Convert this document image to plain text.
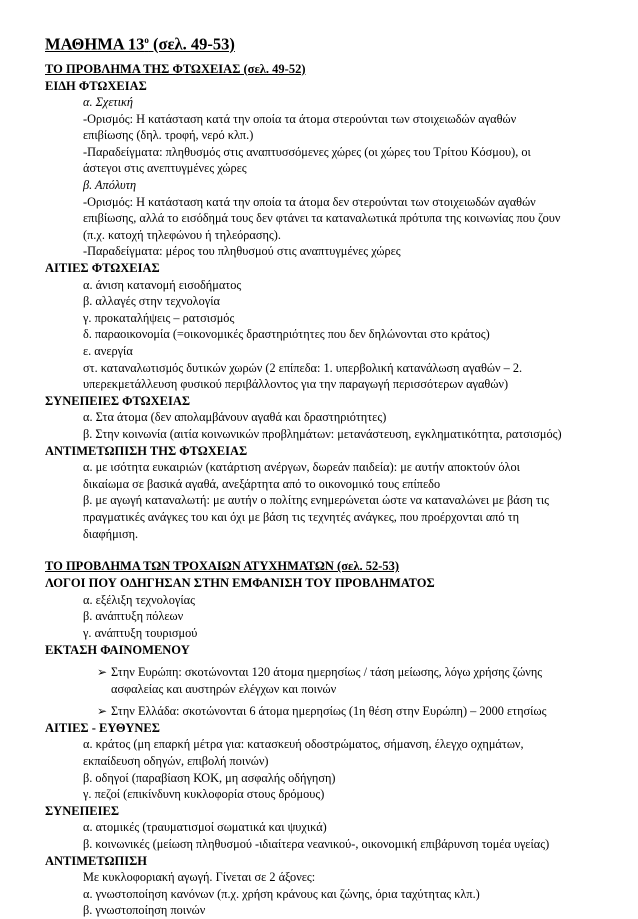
ΜΑΘΗΜΑ $13^o$ (σελ. 49-53)
ΤΟ ΠΡΟΒΛΗΜΑ ΤΗΣ ΦΤΩΧΕΙΑΣ (σελ. 49-52)
ΕΙΔΗ ΦΤΩΧΕΙΑΣ

α. Σχετική

-Ορισμός: Η κατάσταση κατά την οποία τα άτομα στερούνται των στοιχειωδών αγαθών

επιβίωσης (δηλ. τροφή, νερό κλπ.)

-Παραδείγματα: πληθυσμός στις αναπτυσσόμενες χώρες (οι χώρες του Τρίτου Κόσμου), οι

άστεγοι στις ανεπτυγμένες χώρες

β. Απόλυτη

-Ορισμός: Η κατάσταση κατά την οποία τα άτομα δεν στερούνται των στοιχειωδών αγαθών

επιβίωσης, αλλά το εισόδημά τους δεν φτάνει τα καταναλωτικά πρότυπα της κοινωνίας που ζουν

(π.χ. κατοχή τηλεφώνου ή τηλεόρασης).

-Παραδείγματα: μέρος του πληθυσμού στις αναπτυγμένες χώρες

ΑΙΤΙΕΣ ΦΤΩΧΕΙΑΣ

α. άνιση κατανομή εισοδήματος

β. αλλαγές στην τεχνολογία

γ. προκαταλήψεις – ρατσισμός

δ. παραοικονομία (=οικονομικές δραστηριότητες που δεν δηλώνονται στο κράτος)

ε. ανεργία

στ. καταναλωτισμός δυτικών χωρών (2 επίπεδα: 1. υπερβολική κατανάλωση αγαθών – 2.

υπερεκμετάλλευση φυσικού περιβάλλοντος για την παραγωγή περισσότερων αγαθών)

ΣΥΝΕΠΕΙΕΣ ΦΤΩΧΕΙΑΣ

α. Στα άτομα (δεν απολαμβάνουν αγαθά και δραστηριότητες)

β. Στην κοινωνία (αιτία κοινωνικών προβλημάτων: μετανάστευση, εγκληματικότητα, ρατσισμός)

ΑΝΤΙΜΕΤΩΠΙΣΗ ΤΗΣ ΦΤΩΧΕΙΑΣ

α. με ισότητα ευκαιριών (κατάρτιση ανέργων, δωρεάν παιδεία): με αυτήν αποκτούν όλοι

δικαίωμα σε βασικά αγαθά, ανεξάρτητα από το οικονομικό τους επίπεδο

β. με αγωγή καταναλωτή: με αυτήν ο πολίτης ενημερώνεται ώστε να καταναλώνει με βάση τις

πραγματικές ανάγκες του και όχι με βάση τις τεχνητές ανάγκες, που προέρχονται από τη

διαφήμιση.

ΤΟ ΠΡΟΒΛΗΜΑ ΤΩΝ ΤΡΟΧΑΙΩΝ ΑΤΥΧΗΜΑΤΩΝ (σελ. 52-53)
ΛΟΓΟΙ ΠΟΥ ΟΔΗΓΗΣΑΝ ΣΤΗΝ ΕΜΦΑΝΙΣΗ ΤΟΥ ΠΡΟΒΛΗΜΑΤΟΣ

α. εξέλιξη τεχνολογίας

β. ανάπτυξη πόλεων

γ. ανάπτυξη τουρισμού

ΕΚΤΑΣΗ ΦΑΙΝΟΜΕΝΟΥ

➢ Στην Ευρώπη: σκοτώνονται 120 άτομα ημερησίως / τάση μείωσης, λόγω χρήσης ζώνης

ασφαλείας και αυστηρών ελέγχων και ποινών

➢ Στην Ελλάδα: σκοτώνονται 6 άτομα ημερησίως (1η θέση στην Ευρώπη) – 2000 ετησίως

ΑΙΤΙΕΣ - ΕΥΘΥΝΕΣ

α. κράτος (μη επαρκή μέτρα για: κατασκευή οδοστρώματος, σήμανση, έλεγχο οχημάτων,

εκπαίδευση οδηγών, επιβολή ποινών)

β. οδηγοί (παραβίαση ΚΟΚ, μη ασφαλής οδήγηση)

γ. πεζοί (επικίνδυνη κυκλοφορία στους δρόμους)

ΣΥΝΕΠΕΙΕΣ

α. ατομικές (τραυματισμοί σωματικά και ψυχικά)

β. κοινωνικές (μείωση πληθυσμού -ιδιαίτερα νεανικού-, οικονομική επιβάρυνση τομέα υγείας)

ΑΝΤΙΜΕΤΩΠΙΣΗ

Με κυκλοφοριακή αγωγή. Γίνεται σε 2 άξονες:

α. γνωστοποίηση κανόνων (π.χ. χρήση κράνους και ζώνης, όρια ταχύτητας κλπ.)

β. γνωστοποίηση ποινών
